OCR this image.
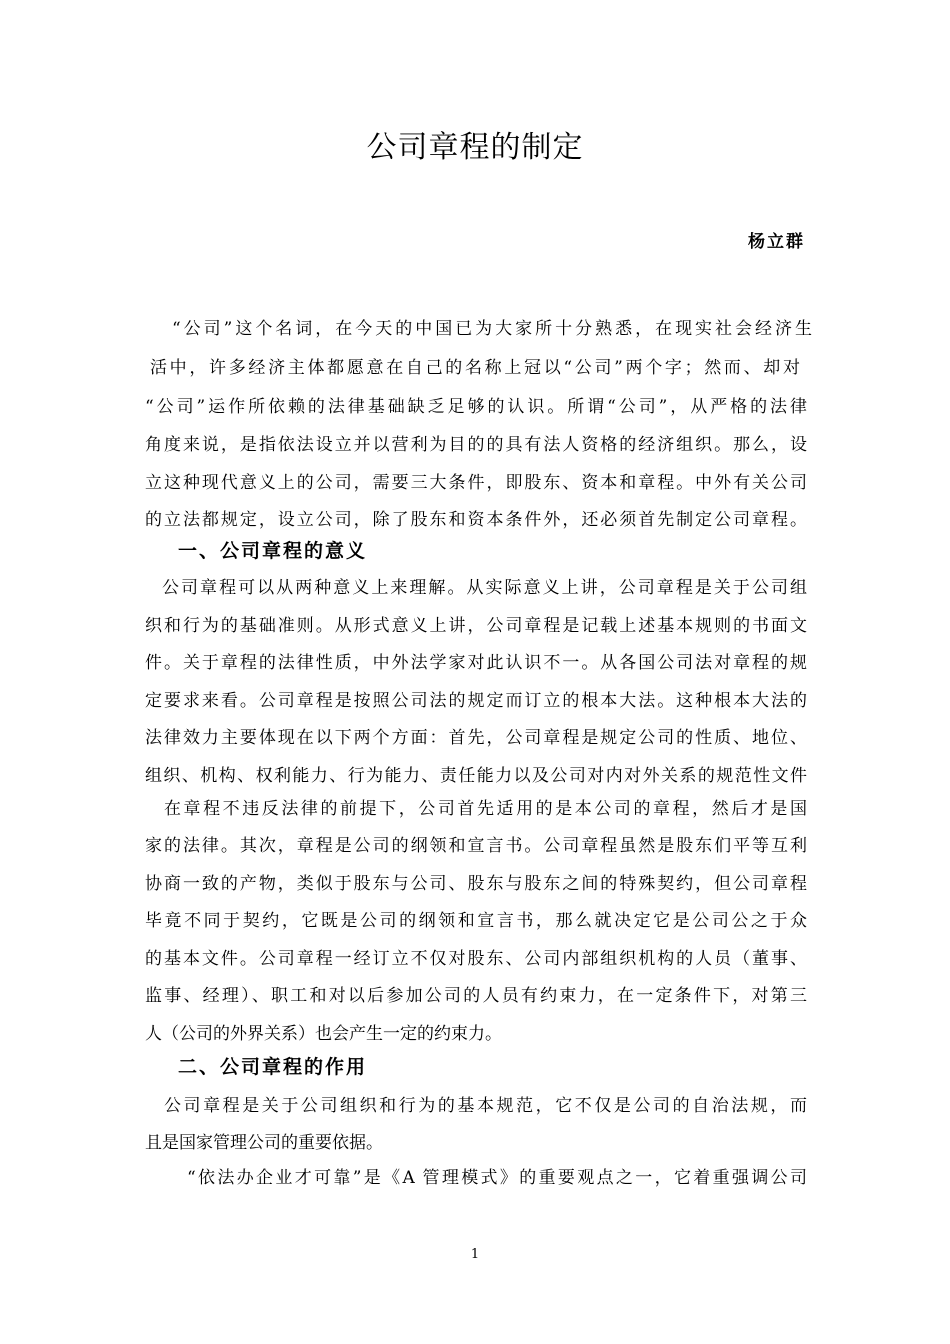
公司章程的制定
杨立群
“公司”这个名词，在今天的中国已为大家所十分熟悉，在现实社会经济生
活中，许多经济主体都愿意在自己的名称上冠以“公司”两个字；然而、却对
“公司”运作所依赖的法律基础缺乏足够的认识。所谓“公司”，从严格的法律
角度来说，是指依法设立并以营利为目的的具有法人资格的经济组织。那么，设
立这种现代意义上的公司，需要三大条件，即股东、资本和章程。中外有关公司
的立法都规定，设立公司，除了股东和资本条件外，还必须首先制定公司章程。
一、公司章程的意义
公司章程可以从两种意义上来理解。从实际意义上讲，公司章程是关于公司组
织和行为的基础准则。从形式意义上讲，公司章程是记载上述基本规则的书面文
件。关于章程的法律性质，中外法学家对此认识不一。从各国公司法对章程的规
定要求来看。公司章程是按照公司法的规定而订立的根本大法。这种根本大法的
法律效力主要体现在以下两个方面：首先，公司章程是规定公司的性质、地位、
组织、机构、权利能力、行为能力、责任能力以及公司对内对外关系的规范性文件
在章程不违反法律的前提下，公司首先适用的是本公司的章程，然后才是国
家的法律。其次，章程是公司的纲领和宣言书。公司章程虽然是股东们平等互利
协商一致的产物，类似于股东与公司、股东与股东之间的特殊契约，但公司章程
毕竟不同于契约，它既是公司的纲领和宣言书，那么就决定它是公司公之于众
的基本文件。公司章程一经订立不仅对股东、公司内部组织机构的人员（董事、
监事、经理）、职工和对以后参加公司的人员有约束力，在一定条件下，对第三
人（公司的外界关系）也会产生一定的约束力。
二、公司章程的作用
公司章程是关于公司组织和行为的基本规范，它不仅是公司的自治法规，而
且是国家管理公司的重要依据。
“依法办企业才可靠”是《A 管理模式》的重要观点之一，它着重强调公司
1
